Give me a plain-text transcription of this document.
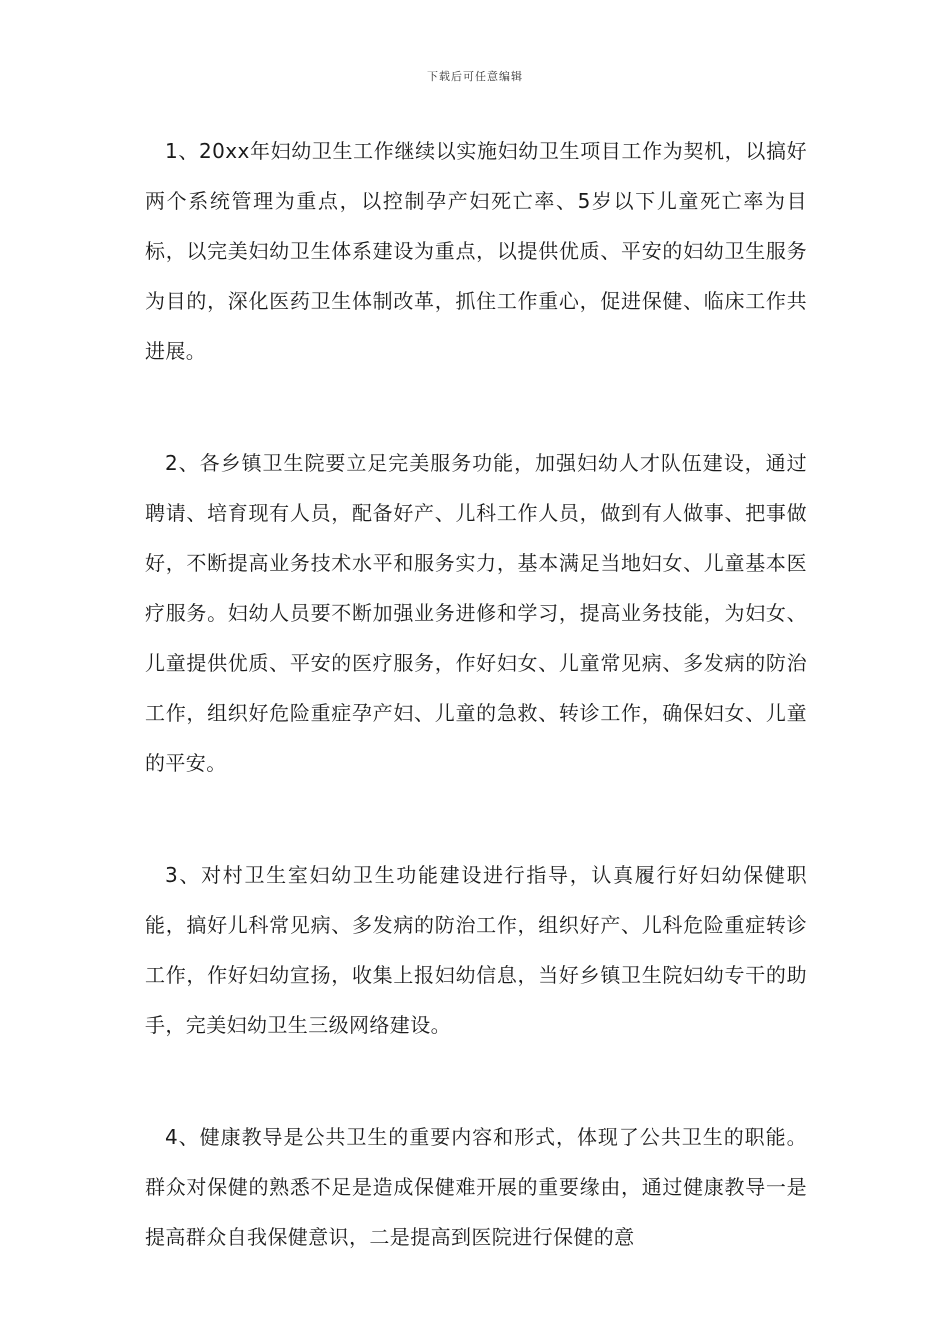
下载后可任意编辑

1、20xx年妇幼卫生工作继续以实施妇幼卫生项目工作为契机，以搞好两个系统管理为重点，以控制孕产妇死亡率、5岁以下儿童死亡率为目标，以完美妇幼卫生体系建设为重点，以提供优质、平安的妇幼卫生服务为目的，深化医药卫生体制改革，抓住工作重心，促进保健、临床工作共进展。

2、各乡镇卫生院要立足完美服务功能，加强妇幼人才队伍建设，通过聘请、培育现有人员，配备好产、儿科工作人员，做到有人做事、把事做好，不断提高业务技术水平和服务实力，基本满足当地妇女、儿童基本医疗服务。妇幼人员要不断加强业务进修和学习，提高业务技能，为妇女、儿童提供优质、平安的医疗服务，作好妇女、儿童常见病、多发病的防治工作，组织好危险重症孕产妇、儿童的急救、转诊工作，确保妇女、儿童的平安。

3、对村卫生室妇幼卫生功能建设进行指导，认真履行好妇幼保健职能，搞好儿科常见病、多发病的防治工作，组织好产、儿科危险重症转诊工作，作好妇幼宣扬，收集上报妇幼信息，当好乡镇卫生院妇幼专干的助手，完美妇幼卫生三级网络建设。

4、健康教导是公共卫生的重要内容和形式，体现了公共卫生的职能。群众对保健的熟悉不足是造成保健难开展的重要缘由，通过健康教导一是提高群众自我保健意识，二是提高到医院进行保健的意
